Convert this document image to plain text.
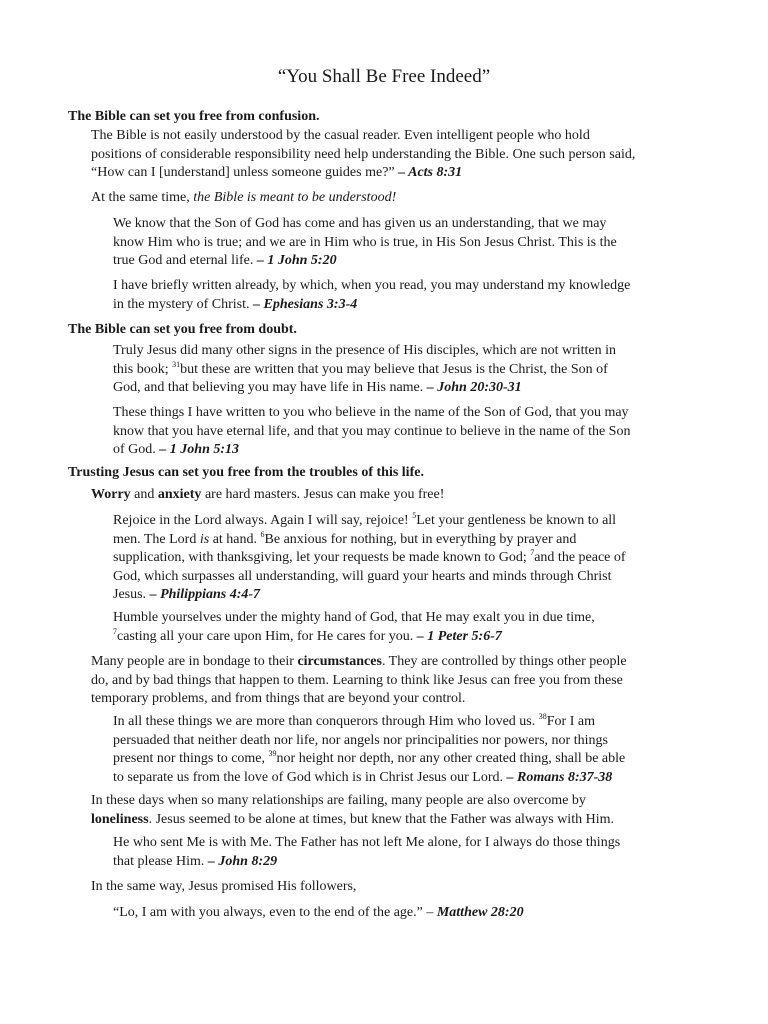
“You Shall Be Free Indeed”

The Bible can set you free from confusion.

The Bible is not easily understood by the casual reader. Even intelligent people who hold
positions of considerable responsibility need help understanding the Bible. One such person said,
“How can I [understand] unless someone guides me?” – Acts 8:31

At the same time, the Bible is meant to be understood!

We know that the Son of God has come and has given us an understanding, that we may
know Him who is true; and we are in Him who is true, in His Son Jesus Christ. This is the
true God and eternal life. – 1 John 5:20

I have briefly written already, by which, when you read, you may understand my knowledge
in the mystery of Christ. – Ephesians 3:3-4

The Bible can set you free from doubt.

Truly Jesus did many other signs in the presence of His disciples, which are not written in
this book; $^{31}$but these are written that you may believe that Jesus is the Christ, the Son of
God, and that believing you may have life in His name. – John 20:30-31

These things I have written to you who believe in the name of the Son of God, that you may
know that you have eternal life, and that you may continue to believe in the name of the Son
of God. – 1 John 5:13

Trusting Jesus can set you free from the troubles of this life.

Worry and anxiety are hard masters. Jesus can make you free!

Rejoice in the Lord always. Again I will say, rejoice! $^5$Let your gentleness be known to all
men. The Lord is at hand. $^6$Be anxious for nothing, but in everything by prayer and
supplication, with thanksgiving, let your requests be made known to God; $^7$and the peace of
God, which surpasses all understanding, will guard your hearts and minds through Christ
Jesus. – Philippians 4:4-7

Humble yourselves under the mighty hand of God, that He may exalt you in due time,
$^7$casting all your care upon Him, for He cares for you. – 1 Peter 5:6-7

Many people are in bondage to their circumstances. They are controlled by things other people
do, and by bad things that happen to them. Learning to think like Jesus can free you from these
temporary problems, and from things that are beyond your control.

In all these things we are more than conquerors through Him who loved us. $^{38}$For I am
persuaded that neither death nor life, nor angels nor principalities nor powers, nor things
present nor things to come, $^{39}$nor height nor depth, nor any other created thing, shall be able
to separate us from the love of God which is in Christ Jesus our Lord. – Romans 8:37-38

In these days when so many relationships are failing, many people are also overcome by
loneliness. Jesus seemed to be alone at times, but knew that the Father was always with Him.

He who sent Me is with Me. The Father has not left Me alone, for I always do those things
that please Him. – John 8:29

In the same way, Jesus promised His followers,

“Lo, I am with you always, even to the end of the age.” – Matthew 28:20
